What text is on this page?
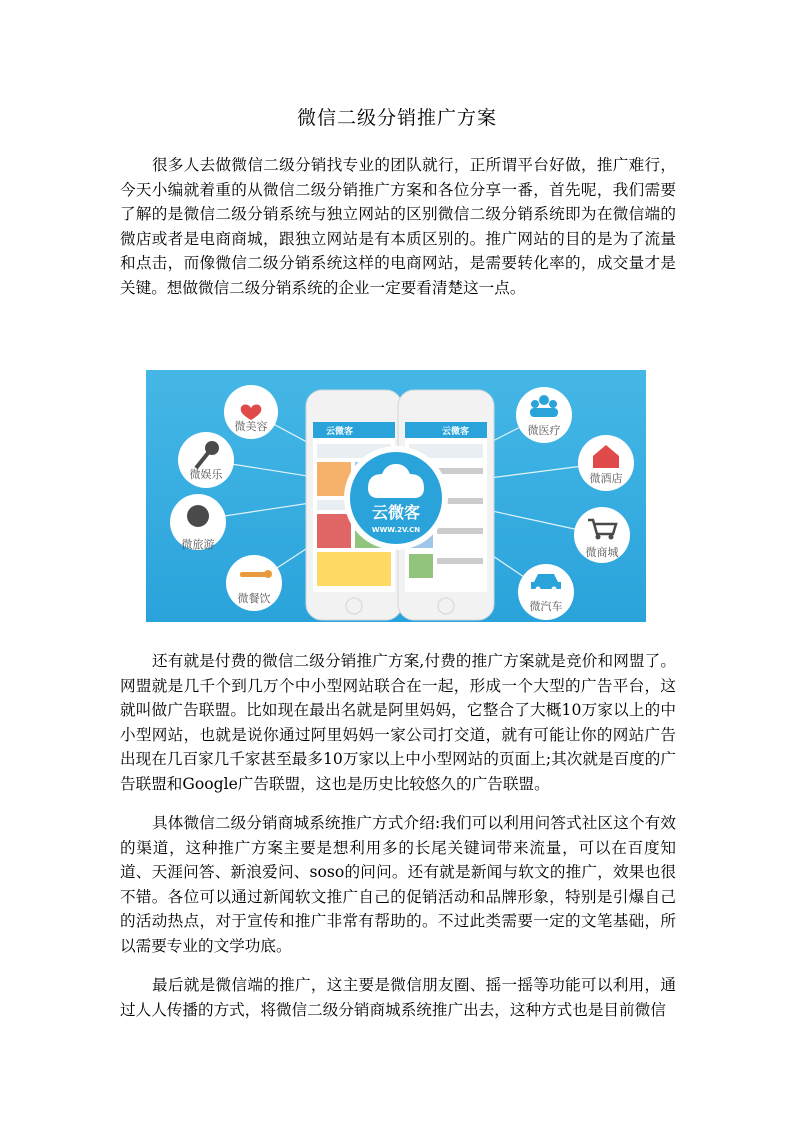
微信二级分销推广方案

很多人去做微信二级分销找专业的团队就行，正所谓平台好做，推广难行，今天小编就着重的从微信二级分销推广方案和各位分享一番，首先呢，我们需要了解的是微信二级分销系统与独立网站的区别微信二级分销系统即为在微信端的微店或者是电商商城，跟独立网站是有本质区别的。推广网站的目的是为了流量和点击，而像微信二级分销系统这样的电商网站，是需要转化率的，成交量才是关键。想做微信二级分销系统的企业一定要看清楚这一点。

云微客	云微客
云微客
WWW.2V.CN
微美容
微娱乐
微旅游
微餐饮
微医疗
微酒店
微商城
微汽车

还有就是付费的微信二级分销推广方案,付费的推广方案就是竞价和网盟了。网盟就是几千个到几万个中小型网站联合在一起，形成一个大型的广告平台，这就叫做广告联盟。比如现在最出名就是阿里妈妈，它整合了大概10万家以上的中小型网站，也就是说你通过阿里妈妈一家公司打交道，就有可能让你的网站广告出现在几百家几千家甚至最多10万家以上中小型网站的页面上;其次就是百度的广告联盟和Google广告联盟，这也是历史比较悠久的广告联盟。

具体微信二级分销商城系统推广方式介绍:我们可以利用问答式社区这个有效的渠道，这种推广方案主要是想利用多的长尾关键词带来流量，可以在百度知道、天涯问答、新浪爱问、soso的问问。还有就是新闻与软文的推广，效果也很不错。各位可以通过新闻软文推广自己的促销活动和品牌形象，特别是引爆自己的活动热点，对于宣传和推广非常有帮助的。不过此类需要一定的文笔基础，所以需要专业的文学功底。

最后就是微信端的推广，这主要是微信朋友圈、摇一摇等功能可以利用，通过人人传播的方式，将微信二级分销商城系统推广出去，这种方式也是目前微信
